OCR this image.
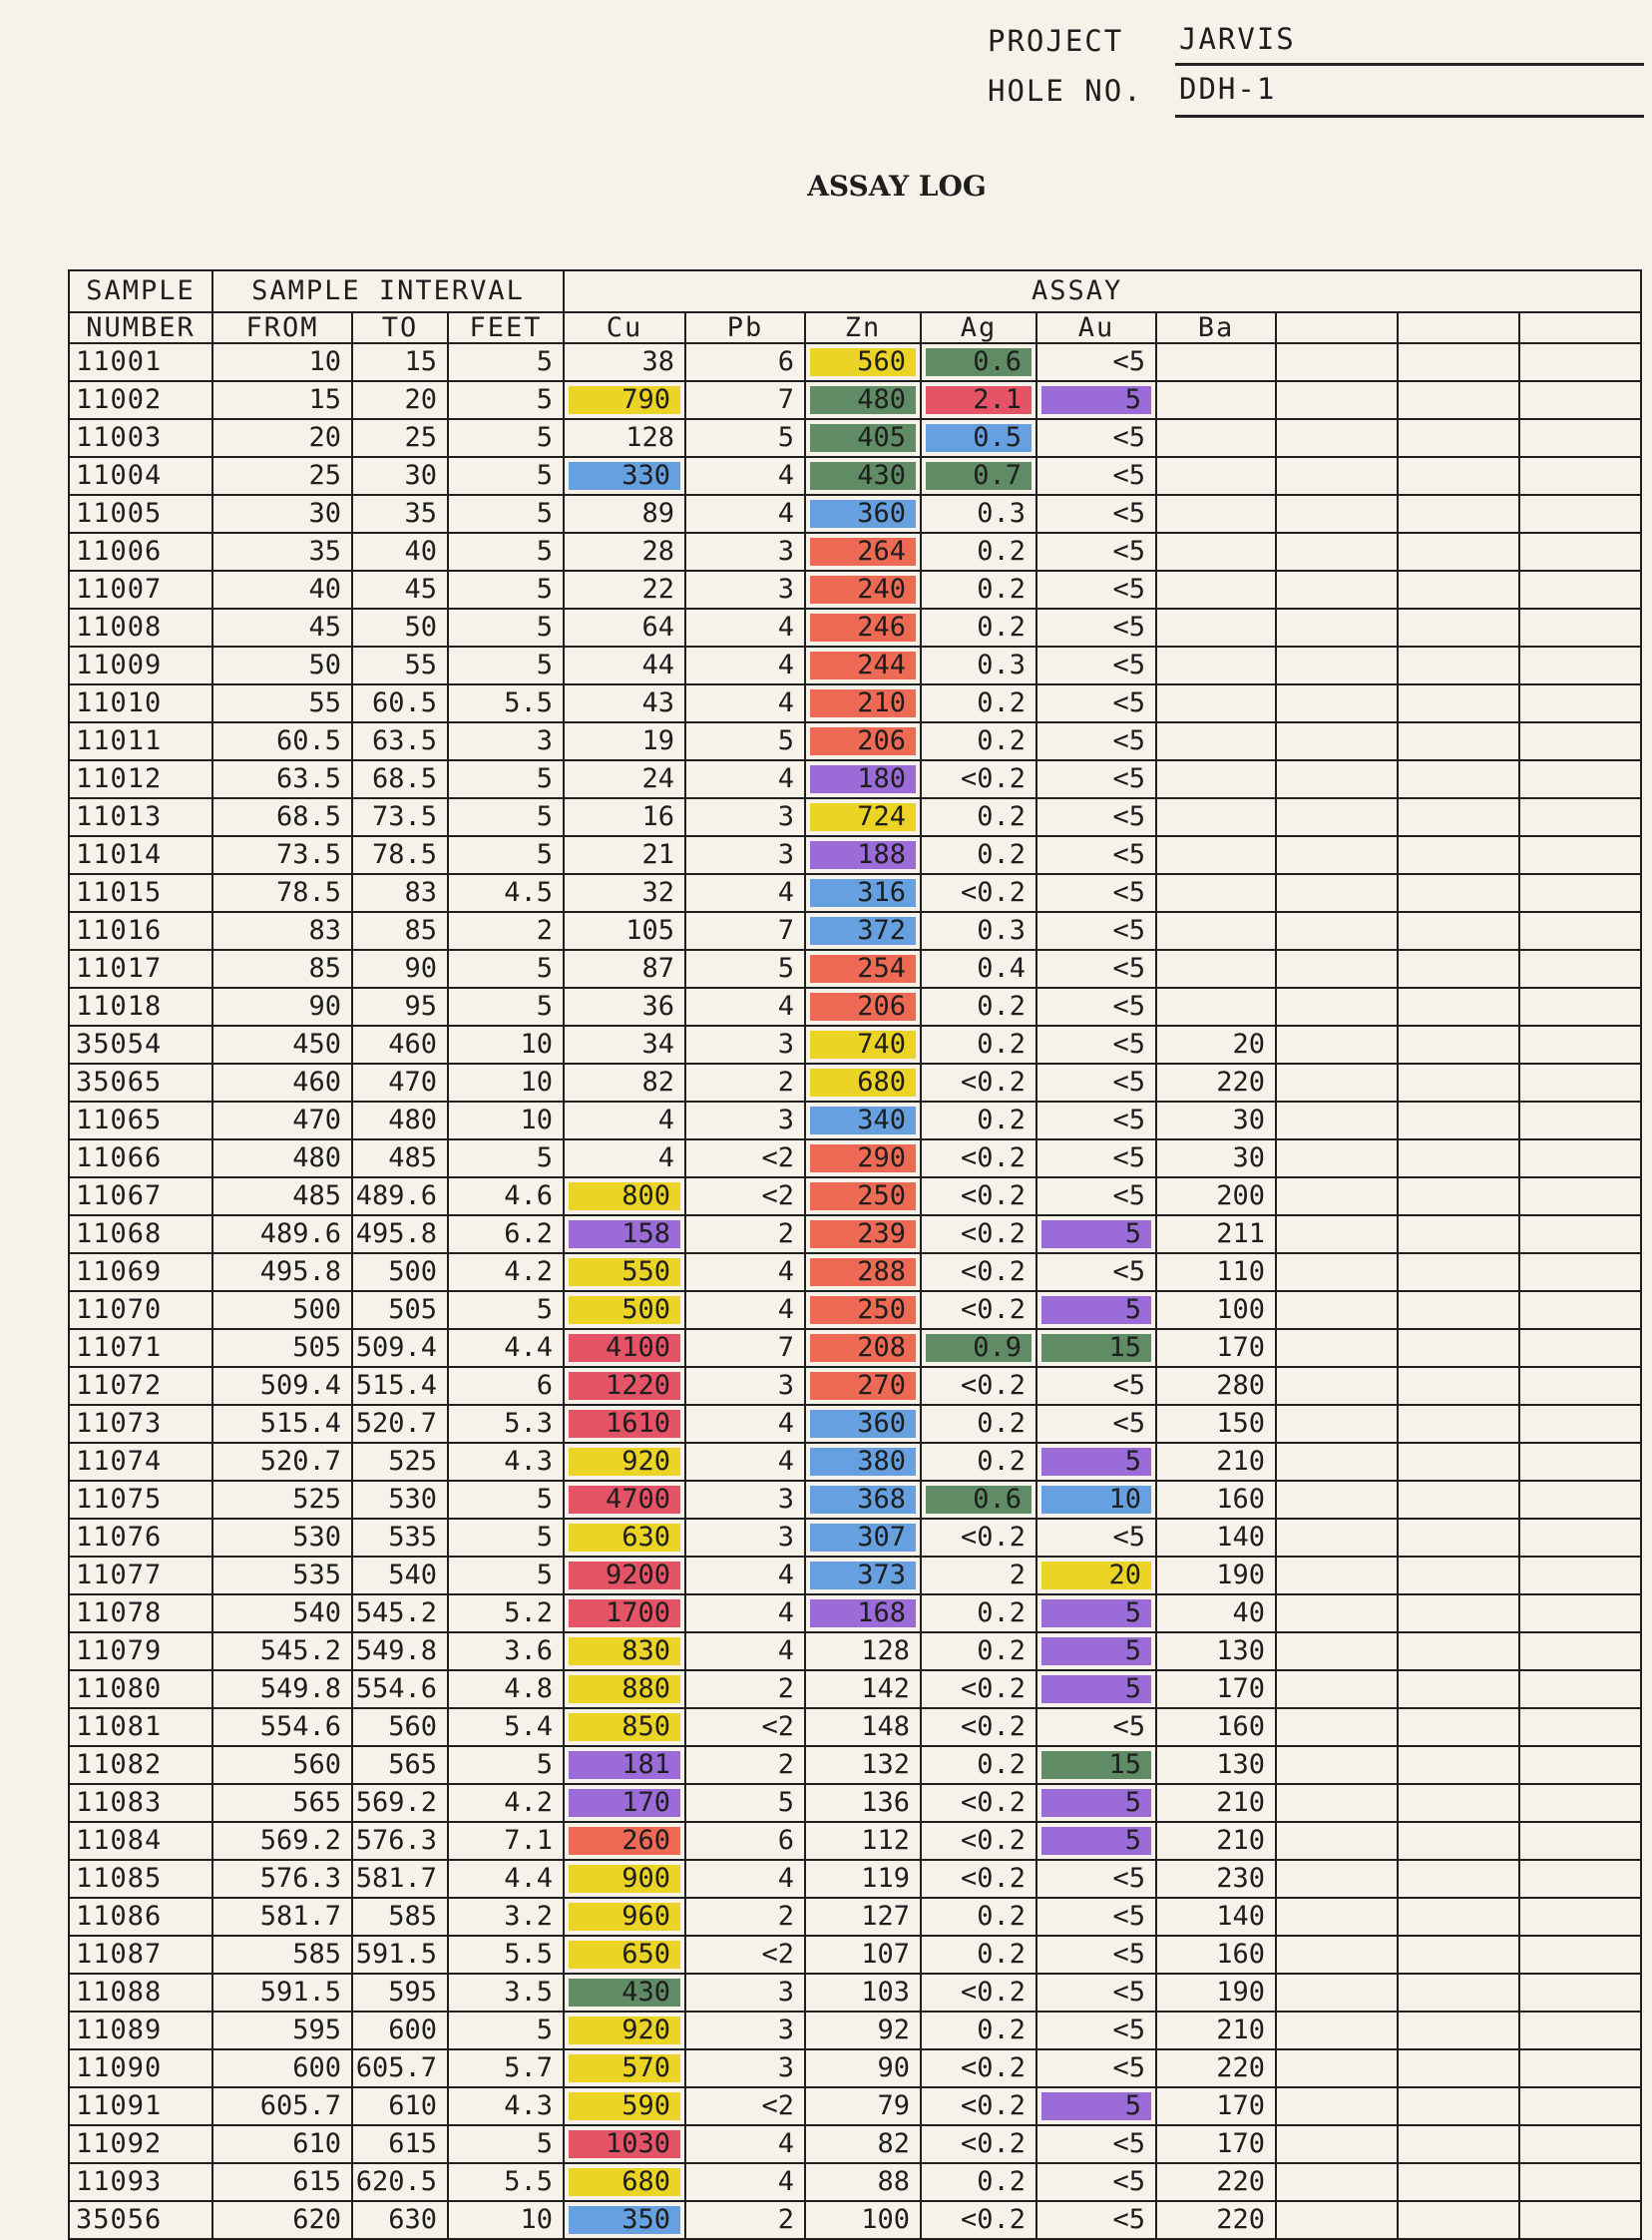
PROJECT JARVIS
HOLE NO. DDH-1
ASSAY LOG
SAMPLE	SAMPLE INTERVAL			ASSAY								
NUMBER	FROM	TO	FEET	Cu	Pb	Zn	Ag	Au	Ba			
11001	10	15	5	38	6	560	0.6	<5				
11002	15	20	5	790	7	480	2.1	5				

11003	20	25	5	128	5	405	0.5	<5				
11004	25	30	5	330	4	430	0.7	<5				
11005	30	35	5	89	4	360	0.3	<5				
11006	35	40	5	28	3	264	0.2	<5				
11007	40	45	5	22	3	240	0.2	<5				
11008	45	50	5	64	4	246	0.2	<5				
11009	50	55	5	44	4	244	0.3	<5				
11010	55	60.5	5.5	43	4	210	0.2	<5				
11011	60.5	63.5	3	19	5	206	0.2	<5				
11012	63.5	68.5	5	24	4	180	<0.2	<5				
11013	68.5	73.5	5	16	3	724	0.2	<5				
11014	73.5	78.5	5	21	3	188	0.2	<5				
11015	78.5	83	4.5	32	4	316	<0.2	<5				
11016	83	85	2	105	7	372	0.3	<5				
11017	85	90	5	87	5	254	0.4	<5				
11018	90	95	5	36	4	206	0.2	<5				
35054	450	460	10	34	3	740	0.2	<5	20			
35065	460	470	10	82	2	680	<0.2	<5	220			
11065	470	480	10	4	3	340	0.2	<5	30			
11066	480	485	5	4	<2	290	<0.2	<5	30			
11067	485	489.6	4.6	800	<2	250	<0.2	<5	200			
11068	489.6	495.8	6.2	158	2	239	<0.2	5	211			
11069	495.8	500	4.2	550	4	288	<0.2	<5	110			
11070	500	505	5	500	4	250	<0.2	5	100			
11071	505	509.4	4.4	4100	7	208	0.9	15	170			
11072	509.4	515.4	6	1220	3	270	<0.2	<5	280			
11073	515.4	520.7	5.3	1610	4	360	0.2	<5	150			
11074	520.7	525	4.3	920	4	380	0.2	5	210			
11075	525	530	5	4700	3	368	0.6	10	160			
11076	530	535	5	630	3	307	<0.2	<5	140			
11077	535	540	5	9200	4	373	2	20	190			
11078	540	545.2	5.2	1700	4	168	0.2	5	40			
11079	545.2	549.8	3.6	830	4	128	0.2	5	130			
11080	549.8	554.6	4.8	880	2	142	<0.2	5	170			
11081	554.6	560	5.4	850	<2	148	<0.2	<5	160			
11082	560	565	5	181	2	132	0.2	15	130			
11083	565	569.2	4.2	170	5	136	<0.2	5	210			
11084	569.2	576.3	7.1	260	6	112	<0.2	5	210			
11085	576.3	581.7	4.4	900	4	119	<0.2	<5	230			
11086	581.7	585	3.2	960	2	127	0.2	<5	140			
11087	585	591.5	5.5	650	<2	107	0.2	<5	160			
11088	591.5	595	3.5	430	3	103	<0.2	<5	190			
11089	595	600	5	920	3	92	0.2	<5	210			
11090	600	605.7	5.7	570	3	90	<0.2	<5	220			
11091	605.7	610	4.3	590	<2	79	<0.2	5	170			
11092	610	615	5	1030	4	82	<0.2	<5	170			
11093	615	620.5	5.5	680	4	88	0.2	<5	220			
35056	620	630	10	350	2	100	<0.2	<5	220			
